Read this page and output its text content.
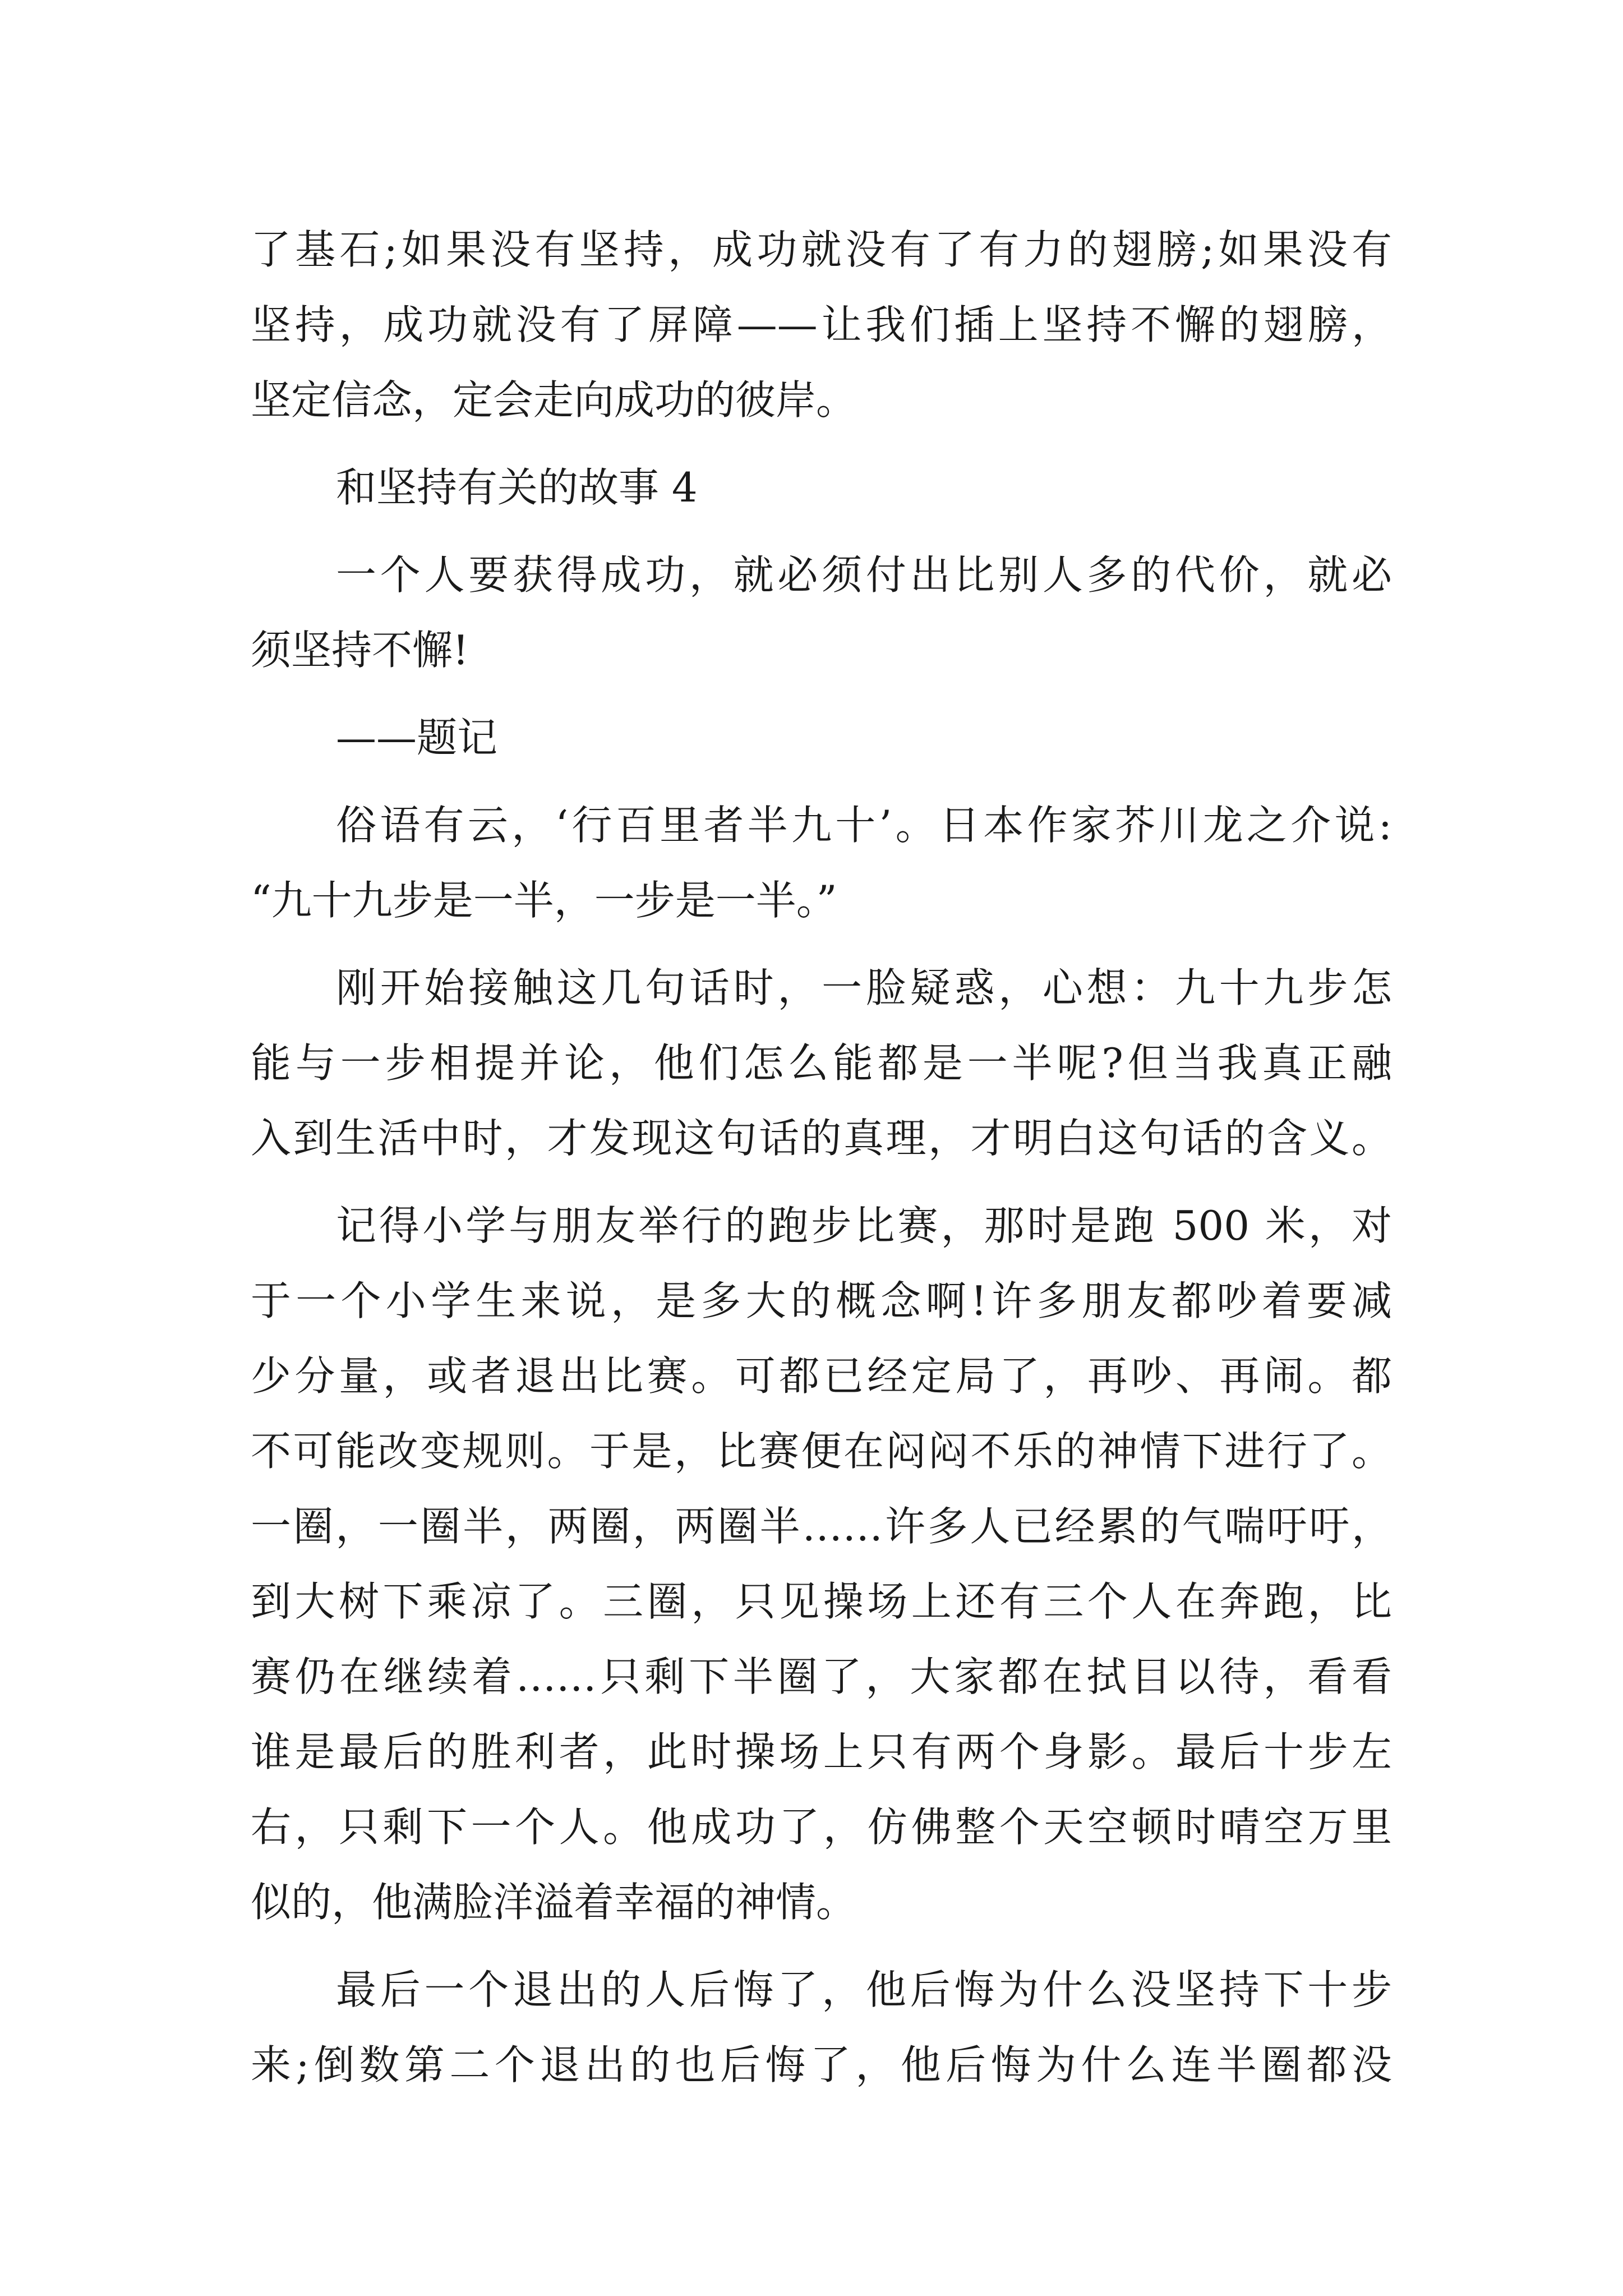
了基石;如果没有坚持，成功就没有了有力的翅膀;如果没有
坚持，成功就没有了屏障——让我们插上坚持不懈的翅膀，
坚定信念，定会走向成功的彼岸。
和坚持有关的故事 4
一个人要获得成功，就必须付出比别人多的代价，就必
须坚持不懈!
——题记
俗语有云，‘行百里者半九十’。日本作家芥川龙之介说:
“九十九步是一半，一步是一半。”
刚开始接触这几句话时，一脸疑惑，心想：九十九步怎
能与一步相提并论，他们怎么能都是一半呢?但当我真正融
入到生活中时，才发现这句话的真理，才明白这句话的含义。
记得小学与朋友举行的跑步比赛，那时是跑 500 米，对
于一个小学生来说，是多大的概念啊!许多朋友都吵着要减
少分量，或者退出比赛。可都已经定局了，再吵、再闹。都
不可能改变规则。于是，比赛便在闷闷不乐的神情下进行了。
一圈，一圈半，两圈，两圈半……许多人已经累的气喘吁吁，
到大树下乘凉了。三圈，只见操场上还有三个人在奔跑，比
赛仍在继续着……只剩下半圈了，大家都在拭目以待，看看
谁是最后的胜利者，此时操场上只有两个身影。最后十步左
右，只剩下一个人。他成功了，仿佛整个天空顿时晴空万里
似的，他满脸洋溢着幸福的神情。
最后一个退出的人后悔了，他后悔为什么没坚持下十步
来;倒数第二个退出的也后悔了，他后悔为什么连半圈都没
